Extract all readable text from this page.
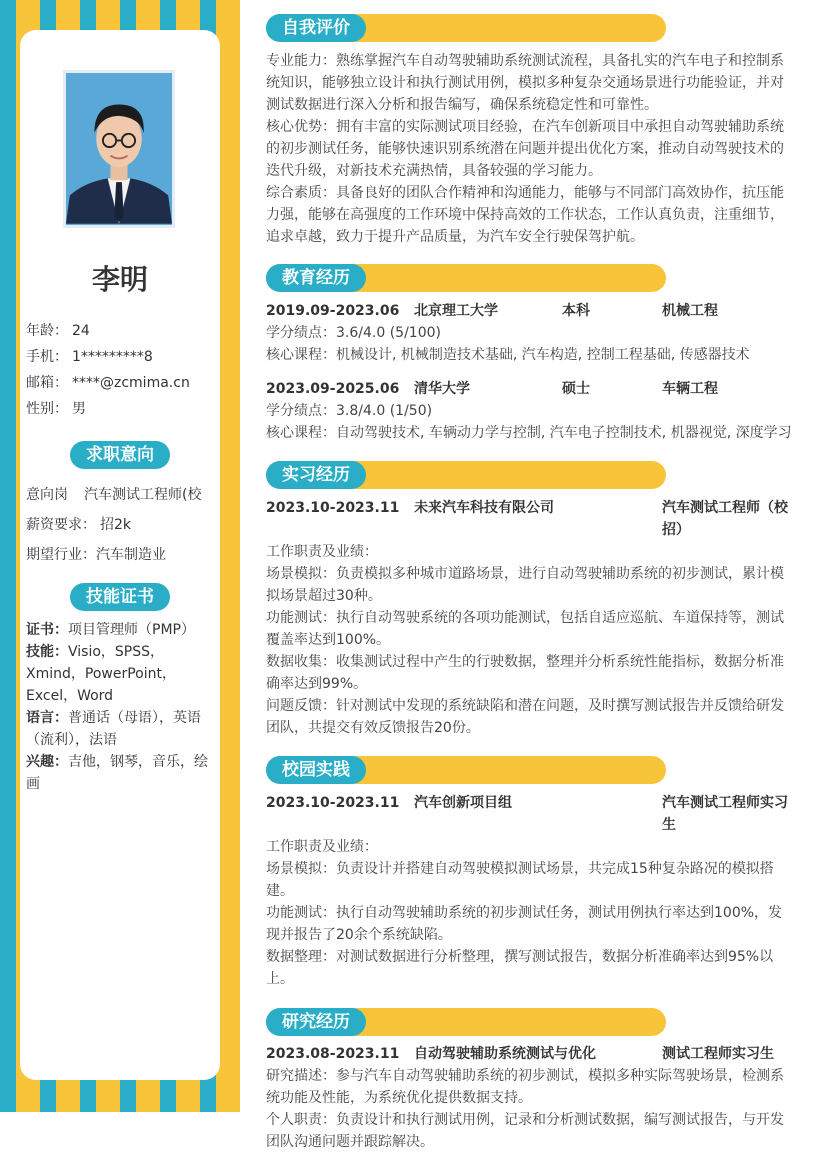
李明
年龄： 24
手机： 1*********8
邮箱： ****@zcmima.cn
性别： 男
求职意向
意向岗 汽车测试工程师(校
薪资要求： 招2k
期望行业： 汽车制造业
技能证书
证书：项目管理师（PMP）
技能：Visio，SPSS，Xmind，PowerPoint，Excel，Word
语言：普通话（母语），英语（流利），法语
兴趣：吉他，钢琴，音乐，绘画
自我评价

专业能力：熟练掌握汽车自动驾驶辅助系统测试流程，具备扎实的汽车电子和控制系统知识，能够独立设计和执行测试用例，模拟多种复杂交通场景进行功能验证，并对测试数据进行深入分析和报告编写，确保系统稳定性和可靠性。

核心优势：拥有丰富的实际测试项目经验，在汽车创新项目中承担自动驾驶辅助系统的初步测试任务，能够快速识别系统潜在问题并提出优化方案，推动自动驾驶技术的迭代升级，对新技术充满热情，具备较强的学习能力。

综合素质：具备良好的团队合作精神和沟通能力，能够与不同部门高效协作，抗压能力强，能够在高强度的工作环境中保持高效的工作状态，工作认真负责，注重细节，追求卓越，致力于提升产品质量，为汽车安全行驶保驾护航。

教育经历
2019.09-2023.06	北京理工大学	本科	机械工程
学分绩点：3.6/4.0 (5/100)
核心课程：机械设计, 机械制造技术基础, 汽车构造, 控制工程基础, 传感器技术
2023.09-2025.06	清华大学	硕士	车辆工程
学分绩点：3.8/4.0 (1/50)
核心课程：自动驾驶技术, 车辆动力学与控制, 汽车电子控制技术, 机器视觉, 深度学习
实习经历
2023.10-2023.11	未来汽车科技有限公司	汽车测试工程师（校招）
工作职责及业绩：
场景模拟：负责模拟多种城市道路场景，进行自动驾驶辅助系统的初步测试，累计模拟场景超过30种。
功能测试：执行自动驾驶系统的各项功能测试，包括自适应巡航、车道保持等，测试覆盖率达到100%。
数据收集：收集测试过程中产生的行驶数据，整理并分析系统性能指标，数据分析准确率达到99%。
问题反馈：针对测试中发现的系统缺陷和潜在问题，及时撰写测试报告并反馈给研发团队，共提交有效反馈报告20份。
校园实践
2023.10-2023.11	汽车创新项目组	汽车测试工程师实习生
工作职责及业绩：
场景模拟：负责设计并搭建自动驾驶模拟测试场景，共完成15种复杂路况的模拟搭建。
功能测试：执行自动驾驶辅助系统的初步测试任务，测试用例执行率达到100%，发现并报告了20余个系统缺陷。
数据整理：对测试数据进行分析整理，撰写测试报告，数据分析准确率达到95%以上。
研究经历
2023.08-2023.11	自动驾驶辅助系统测试与优化	测试工程师实习生
研究描述：参与汽车自动驾驶辅助系统的初步测试，模拟多种实际驾驶场景，检测系统功能及性能，为系统优化提供数据支持。
个人职责：负责设计和执行测试用例，记录和分析测试数据，编写测试报告，与开发团队沟通问题并跟踪解决。
